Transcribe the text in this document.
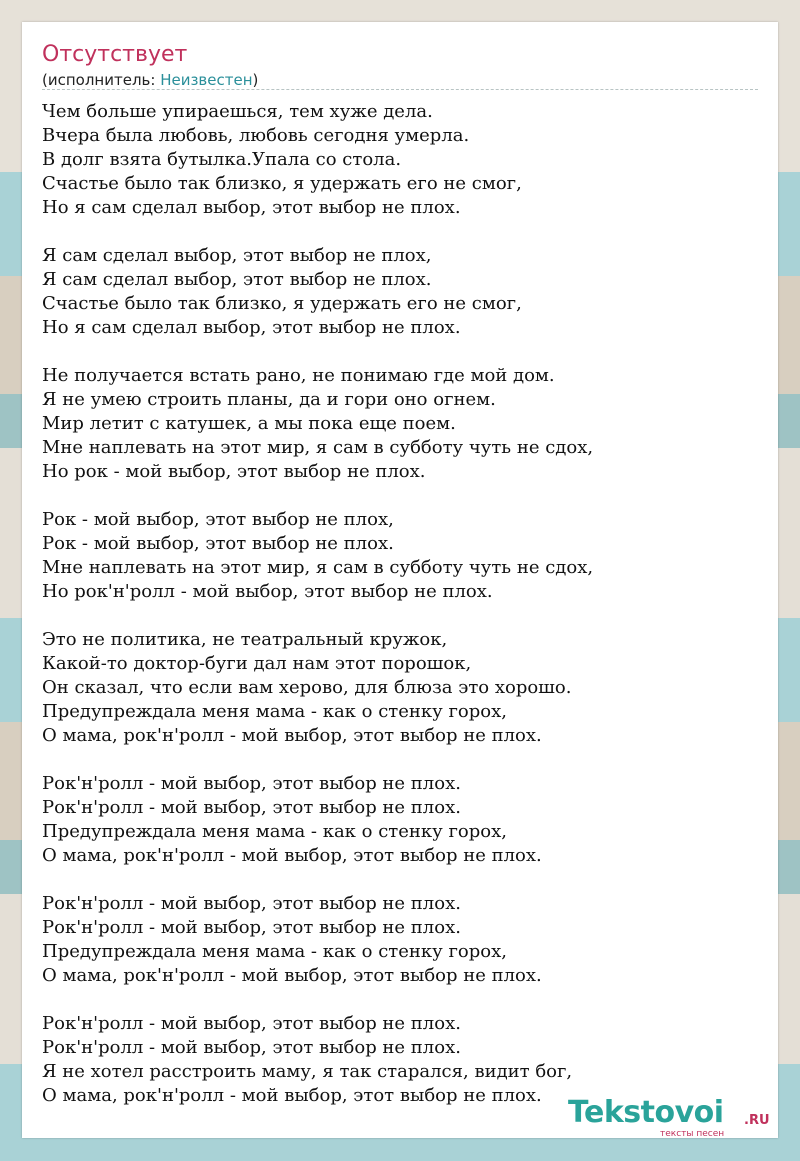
Отсутствует
(исполнитель: Неизвестен)
Чем больше упираешься, тем хуже дела.
Вчера была любовь, любовь сегодня умерла.
В долг взята бутылка.Упала со стола.
Счастье было так близко, я удержать его не смог,
Но я сам сделал выбор, этот выбор не плох.
Я сам сделал выбор, этот выбор не плох,
Я сам сделал выбор, этот выбор не плох.
Счастье было так близко, я удержать его не смог,
Но я сам сделал выбор, этот выбор не плох.
Не получается встать рано, не понимаю где мой дом.
Я не умею строить планы, да и гори оно огнем.
Мир летит с катушек, а мы пока еще поем.
Мне наплевать на этот мир, я сам в субботу чуть не сдох,
Но рок - мой выбор, этот выбор не плох.
Рок - мой выбор, этот выбор не плох,
Рок - мой выбор, этот выбор не плох.
Мне наплевать на этот мир, я сам в субботу чуть не сдох,
Но рок'н'ролл - мой выбор, этот выбор не плох.
Это не политика, не театральный кружок,
Какой-то доктор-буги дал нам этот порошок,
Он сказал, что если вам херово, для блюза это хорошо.
Предупреждала меня мама - как о стенку горох,
О мама, рок'н'ролл - мой выбор, этот выбор не плох.
Рок'н'ролл - мой выбор, этот выбор не плох.
Рок'н'ролл - мой выбор, этот выбор не плох.
Предупреждала меня мама - как о стенку горох,
О мама, рок'н'ролл - мой выбор, этот выбор не плох.
Рок'н'ролл - мой выбор, этот выбор не плох.
Рок'н'ролл - мой выбор, этот выбор не плох.
Предупреждала меня мама - как о стенку горох,
О мама, рок'н'ролл - мой выбор, этот выбор не плох.
Рок'н'ролл - мой выбор, этот выбор не плох.
Рок'н'ролл - мой выбор, этот выбор не плох.
Я не хотел расстроить маму, я так старался, видит бог,
О мама, рок'н'ролл - мой выбор, этот выбор не плох. Tekstovoi .RU
тексты песен
